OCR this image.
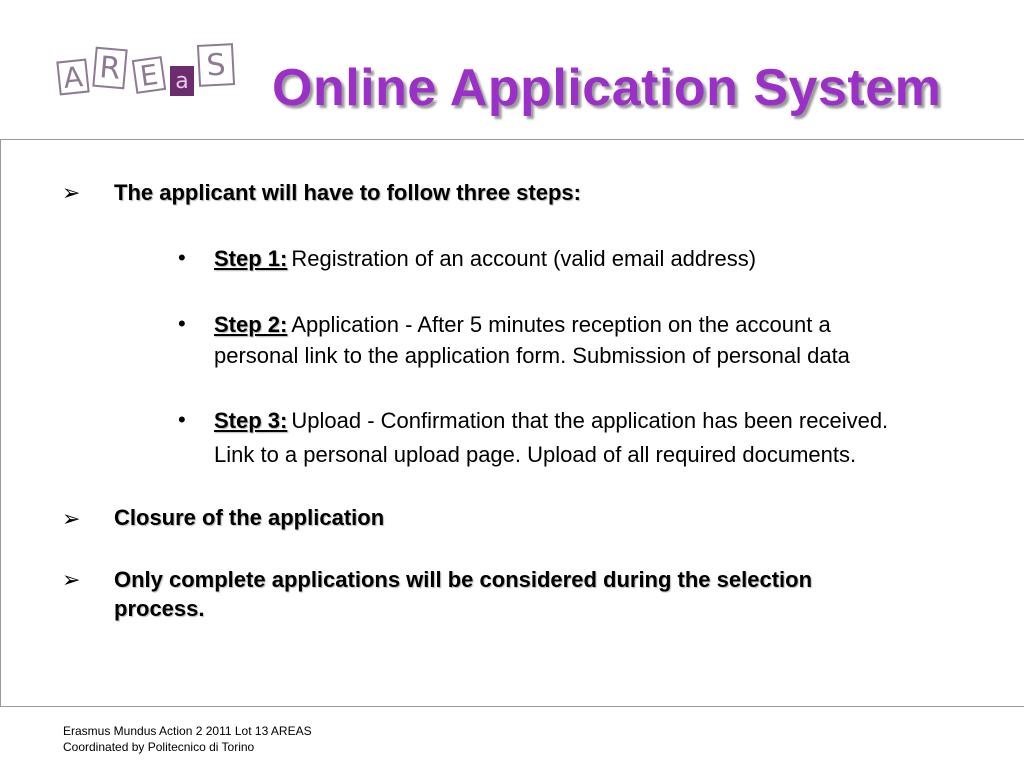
A R E a S Online Application System
➢ The applicant will have to follow three steps:
• Step 1: Registration of an account (valid email address)
• Step 2: Application - After 5 minutes reception on the account a
personal link to the application form. Submission of personal data
• Step 3: Upload - Confirmation that the application has been received.
Link to a personal upload page. Upload of all required documents.
➢ Closure of the application
➢ Only complete applications will be considered during the selection
process.
Erasmus Mundus Action 2 2011 Lot 13 AREAS
Coordinated by Politecnico di Torino
